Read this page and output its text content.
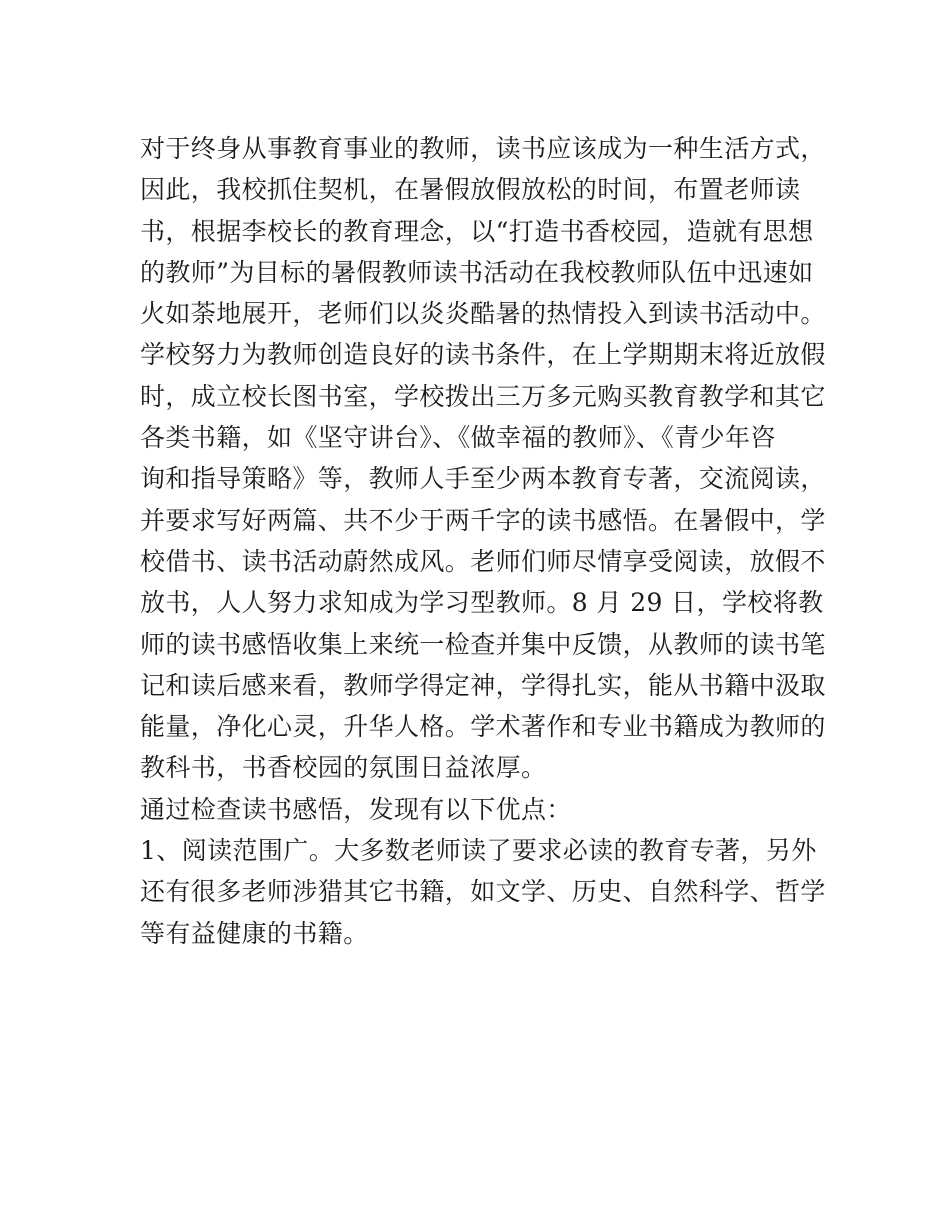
对于终身从事教育事业的教师，读书应该成为一种生活方式，

因此，我校抓住契机，在暑假放假放松的时间，布置老师读

书，根据李校长的教育理念，以“打造书香校园，造就有思想

的教师”为目标的暑假教师读书活动在我校教师队伍中迅速如

火如荼地展开，老师们以炎炎酷暑的热情投入到读书活动中。

学校努力为教师创造良好的读书条件，在上学期期末将近放假

时，成立校长图书室，学校拨出三万多元购买教育教学和其它

各类书籍，如《坚守讲台》、《做幸福的教师》、《青少年咨

询和指导策略》等，教师人手至少两本教育专著，交流阅读，

并要求写好两篇、共不少于两千字的读书感悟。在暑假中，学

校借书、读书活动蔚然成风。老师们师尽情享受阅读，放假不

放书，人人努力求知成为学习型教师。8 月 29 日，学校将教

师的读书感悟收集上来统一检查并集中反馈，从教师的读书笔

记和读后感来看，教师学得定神，学得扎实，能从书籍中汲取

能量，净化心灵，升华人格。学术著作和专业书籍成为教师的

教科书，书香校园的氛围日益浓厚。

通过检查读书感悟，发现有以下优点：

1、阅读范围广。大多数老师读了要求必读的教育专著，另外

还有很多老师涉猎其它书籍，如文学、历史、自然科学、哲学

等有益健康的书籍。
